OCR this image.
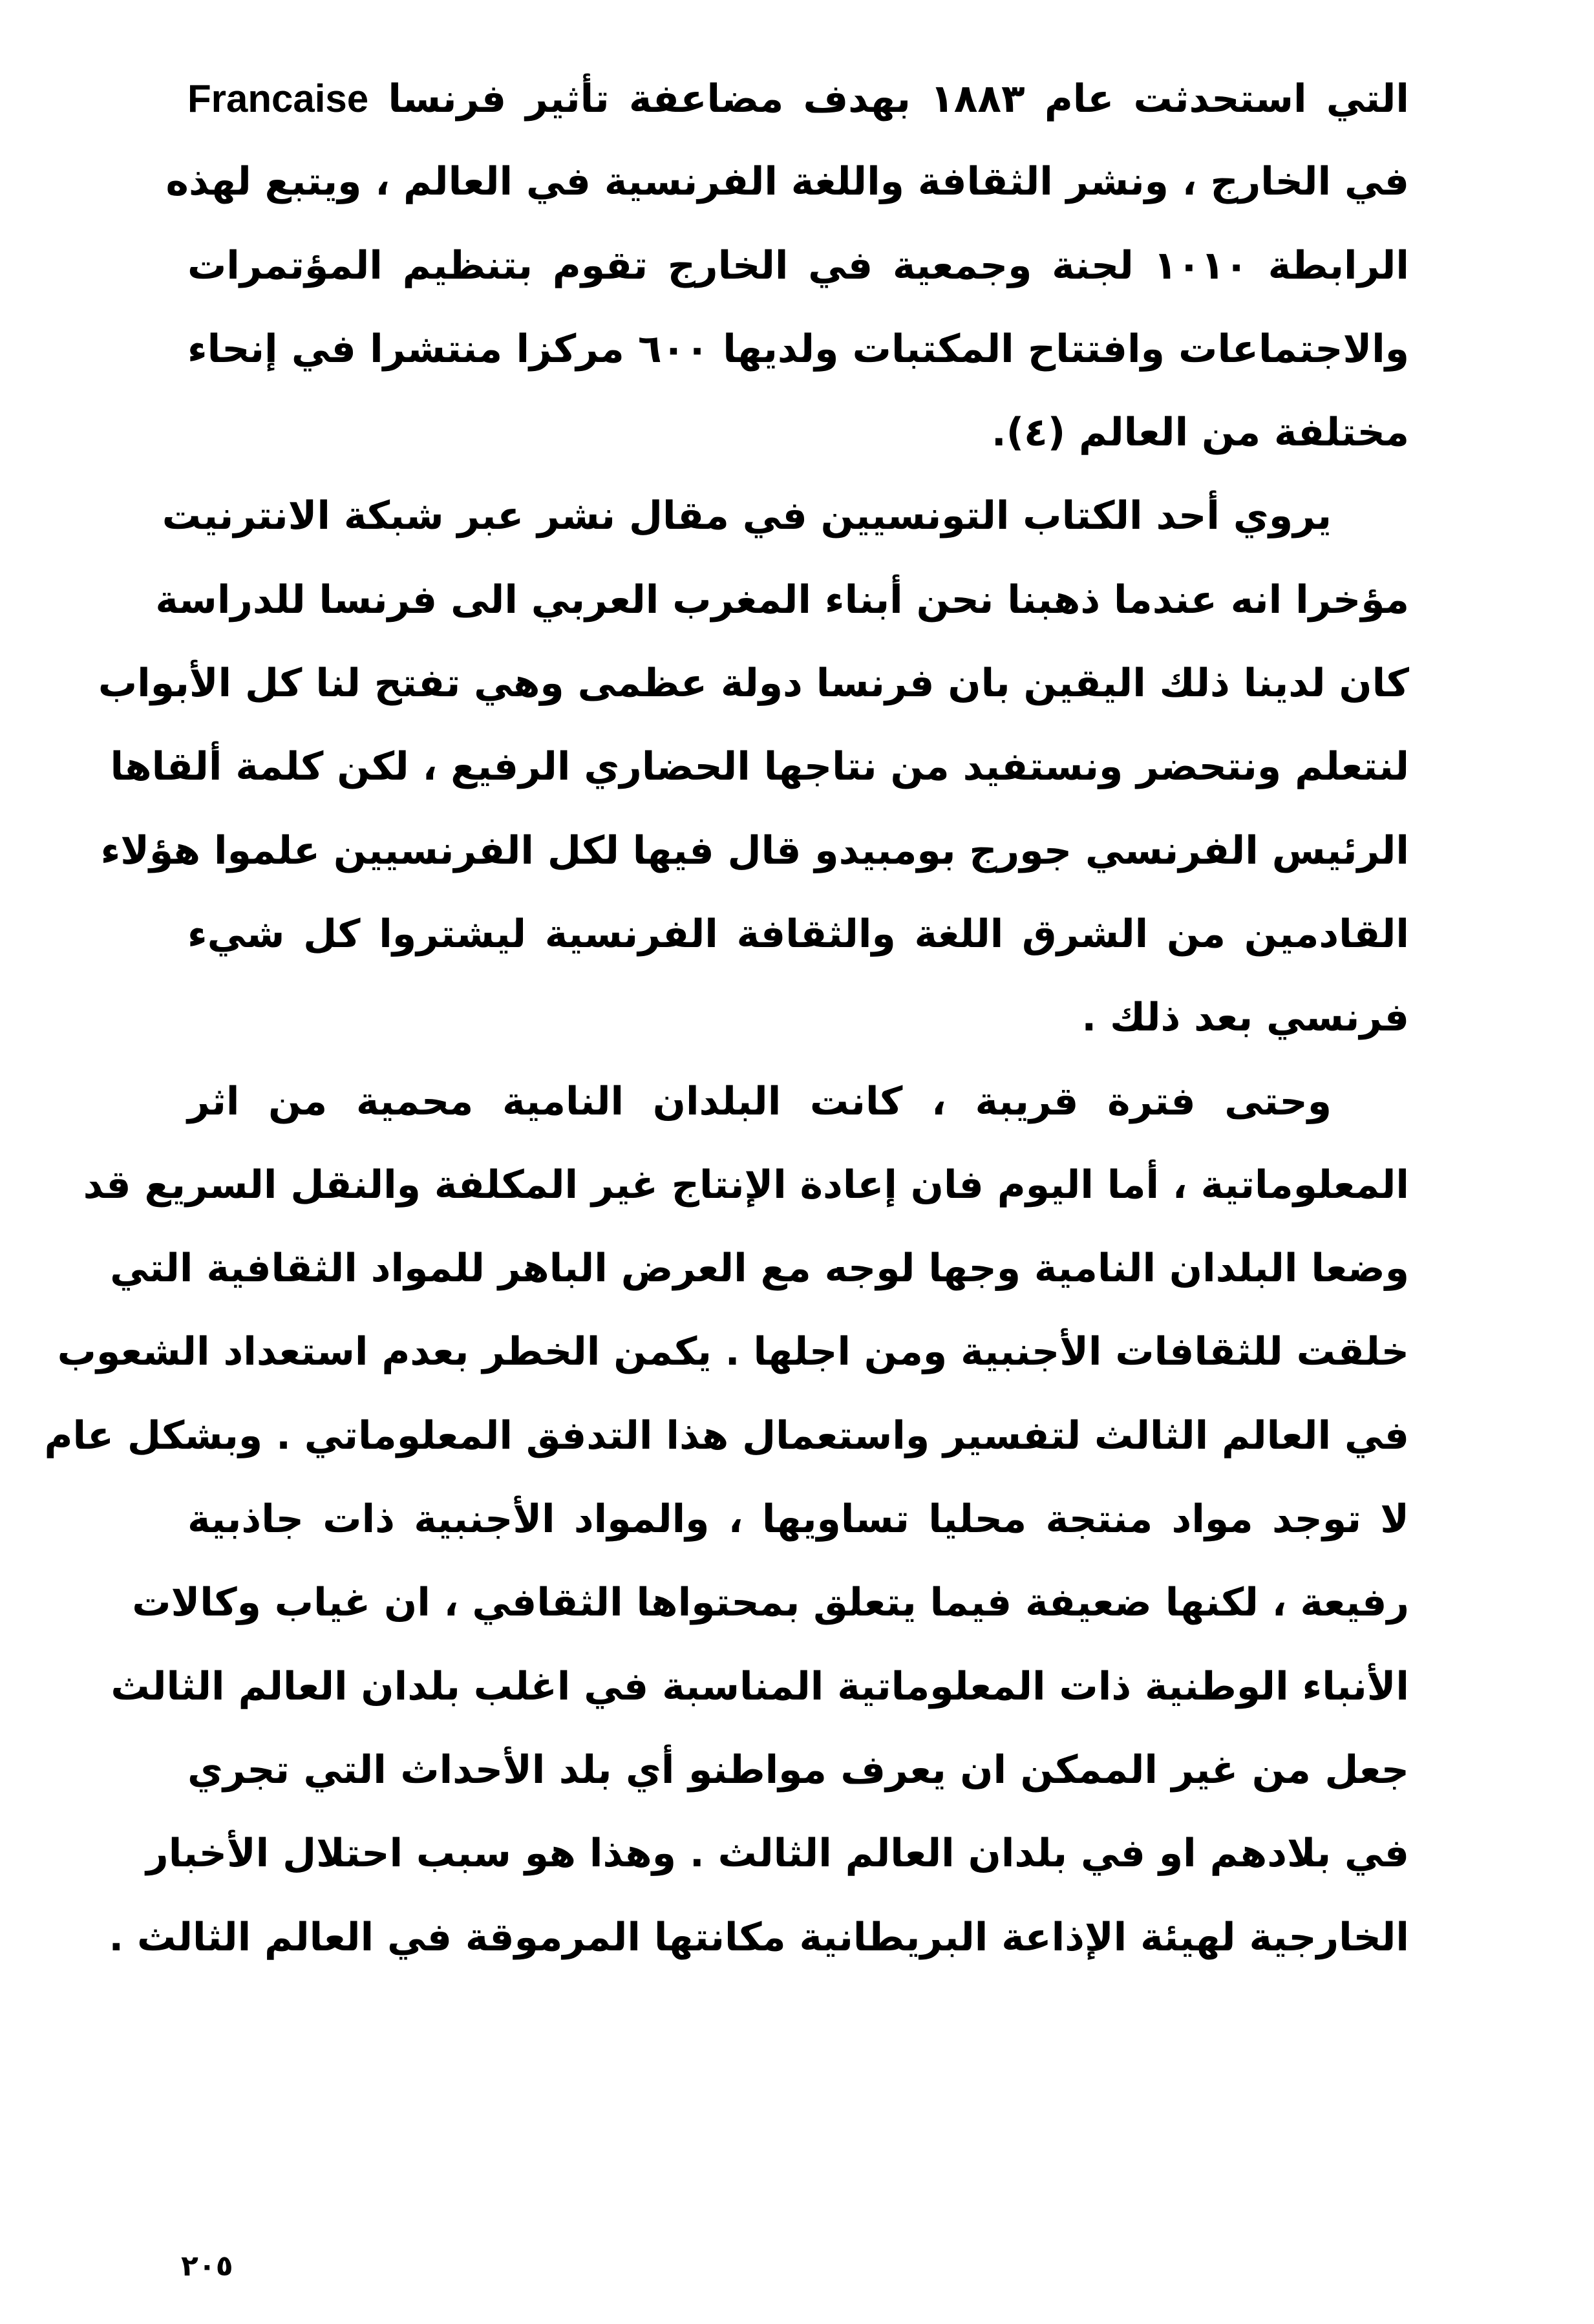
التي استحدثت عام ١٨٨٣ بهدف مضاعفة تأثير فرنسا Francaise
في الخارج ، ونشر الثقافة واللغة الفرنسية في العالم ، ويتبع لهذه
الرابطة ١٠١٠ لجنة وجمعية في الخارج تقوم بتنظيم المؤتمرات
والاجتماعات وافتتاح المكتبات ولديها ٦٠٠ مركزا منتشرا في إنحاء
مختلفة من العالم (٤).
يروي أحد الكتاب التونسيين في مقال نشر عبر شبكة الانترنيت
مؤخرا انه عندما ذهبنا نحن أبناء المغرب العربي الى فرنسا للدراسة
كان لدينا ذلك اليقين بان فرنسا دولة عظمى وهي تفتح لنا كل الأبواب
لنتعلم ونتحضر ونستفيد من نتاجها الحضاري الرفيع ، لكن كلمة ألقاها
الرئيس الفرنسي جورج بومبيدو قال فيها لكل الفرنسيين علموا هؤلاء
القادمين من الشرق اللغة والثقافة الفرنسية ليشتروا كل شيء
فرنسي بعد ذلك .
وحتى فترة قريبة ، كانت البلدان النامية محمية من اثر
المعلوماتية ، أما اليوم فان إعادة الإنتاج غير المكلفة والنقل السريع قد
وضعا البلدان النامية وجها لوجه مع العرض الباهر للمواد الثقافية التي
خلقت للثقافات الأجنبية ومن اجلها . يكمن الخطر بعدم استعداد الشعوب
في العالم الثالث لتفسير واستعمال هذا التدفق المعلوماتي . وبشكل عام
لا توجد مواد منتجة محليا تساويها ، والمواد الأجنبية ذات جاذبية
رفيعة ، لكنها ضعيفة فيما يتعلق بمحتواها الثقافي ، ان غياب وكالات
الأنباء الوطنية ذات المعلوماتية المناسبة في اغلب بلدان العالم الثالث
جعل من غير الممكن ان يعرف مواطنو أي بلد الأحداث التي تجري
في بلادهم او في بلدان العالم الثالث . وهذا هو سبب احتلال الأخبار
الخارجية لهيئة الإذاعة البريطانية مكانتها المرموقة في العالم الثالث .
٢٠٥
